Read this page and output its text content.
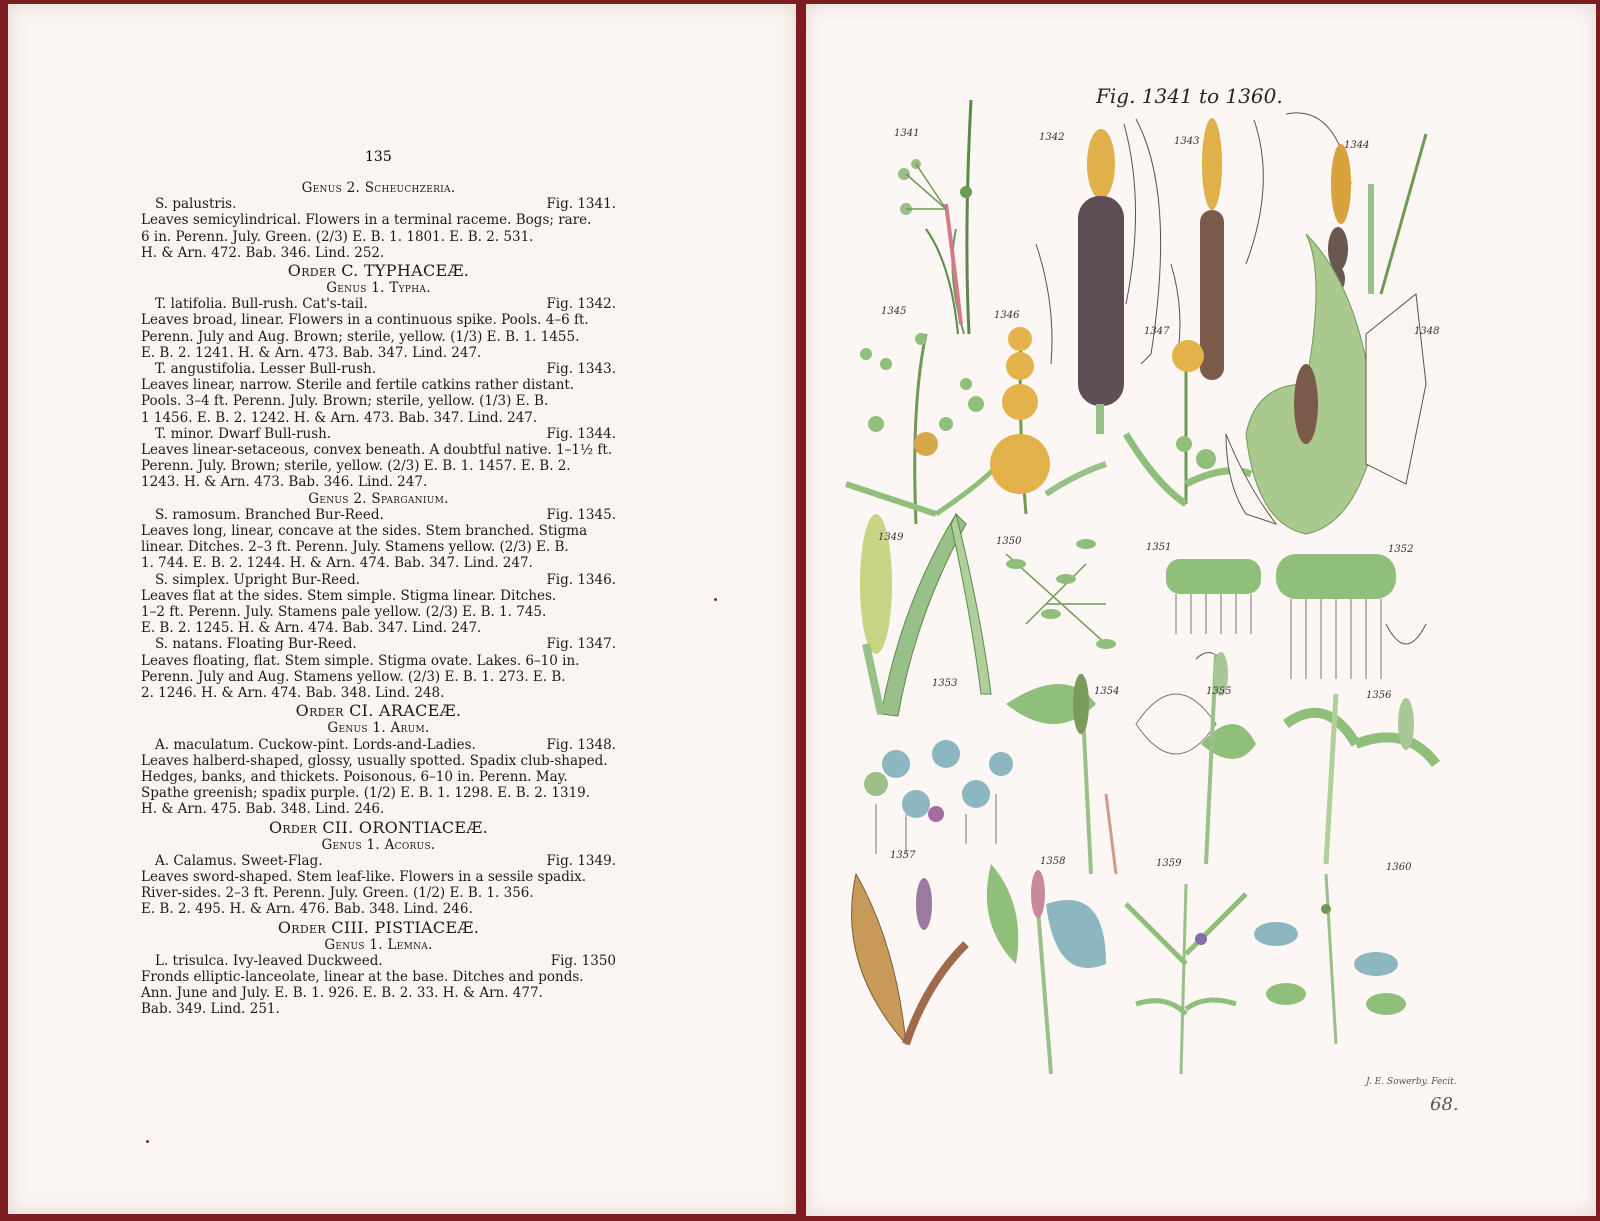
135
Genus 2. Scheuchzeria.
S. palustris.	Fig. 1341.
Leaves semicylindrical. Flowers in a terminal raceme. Bogs; rare.
6 in. Perenn. July. Green. (2/3) E. B. 1. 1801. E. B. 2. 531.
H. & Arn. 472. Bab. 346. Lind. 252.
Order C. TYPHACEÆ.
Genus 1. Typha.
T. latifolia. Bull-rush. Cat's-tail.	Fig. 1342.
Leaves broad, linear. Flowers in a continuous spike. Pools. 4–6 ft.
Perenn. July and Aug. Brown; sterile, yellow. (1/3) E. B. 1. 1455.
E. B. 2. 1241. H. & Arn. 473. Bab. 347. Lind. 247.
T. angustifolia. Lesser Bull-rush.	Fig. 1343.
Leaves linear, narrow. Sterile and fertile catkins rather distant.
Pools. 3–4 ft. Perenn. July. Brown; sterile, yellow. (1/3) E. B.
1 1456. E. B. 2. 1242. H. & Arn. 473. Bab. 347. Lind. 247.
T. minor. Dwarf Bull-rush.	Fig. 1344.
Leaves linear-setaceous, convex beneath. A doubtful native. 1–1½ ft.
Perenn. July. Brown; sterile, yellow. (2/3) E. B. 1. 1457. E. B. 2.
1243. H. & Arn. 473. Bab. 346. Lind. 247.
Genus 2. Sparganium.
S. ramosum. Branched Bur-Reed.	Fig. 1345.
Leaves long, linear, concave at the sides. Stem branched. Stigma
linear. Ditches. 2–3 ft. Perenn. July. Stamens yellow. (2/3) E. B.
1. 744. E. B. 2. 1244. H. & Arn. 474. Bab. 347. Lind. 247.
S. simplex. Upright Bur-Reed.	Fig. 1346.
Leaves flat at the sides. Stem simple. Stigma linear. Ditches.
1–2 ft. Perenn. July. Stamens pale yellow. (2/3) E. B. 1. 745.
E. B. 2. 1245. H. & Arn. 474. Bab. 347. Lind. 247.
S. natans. Floating Bur-Reed.	Fig. 1347.
Leaves floating, flat. Stem simple. Stigma ovate. Lakes. 6–10 in.
Perenn. July and Aug. Stamens yellow. (2/3) E. B. 1. 273. E. B.
2. 1246. H. & Arn. 474. Bab. 348. Lind. 248.
Order CI. ARACEÆ.
Genus 1. Arum.
A. maculatum. Cuckow-pint. Lords-and-Ladies.	Fig. 1348.
Leaves halberd-shaped, glossy, usually spotted. Spadix club-shaped.
Hedges, banks, and thickets. Poisonous. 6–10 in. Perenn. May.
Spathe greenish; spadix purple. (1/2) E. B. 1. 1298. E. B. 2. 1319.
H. & Arn. 475. Bab. 348. Lind. 246.
Order CII. ORONTIACEÆ.
Genus 1. Acorus.
A. Calamus. Sweet-Flag.	Fig. 1349.
Leaves sword-shaped. Stem leaf-like. Flowers in a sessile spadix.
River-sides. 2–3 ft. Perenn. July. Green. (1/2) E. B. 1. 356.
E. B. 2. 495. H. & Arn. 476. Bab. 348. Lind. 246.
Order CIII. PISTIACEÆ.
Genus 1. Lemna.
L. trisulca. Ivy-leaved Duckweed.	Fig. 1350
Fronds elliptic-lanceolate, linear at the base. Ditches and ponds.
Ann. June and July. E. B. 1. 926. E. B. 2. 33. H. & Arn. 477.
Bab. 349. Lind. 251.
Fig. 1341 to 1360.
1341	1342	1343	1344
1345	1346
1347	1348
1349	1350
1351	1352
1353
1354	1355	1356
1357
1358	1359	1360
J. E. Sowerby. Fecit.
68.
